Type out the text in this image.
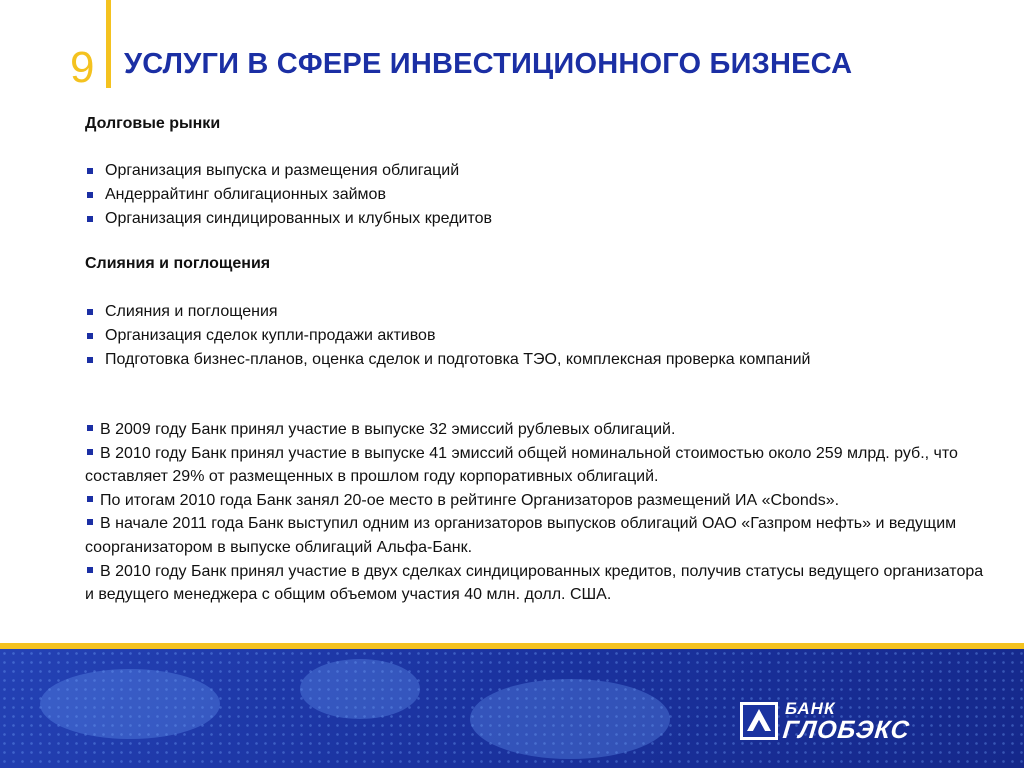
9 УСЛУГИ В СФЕРЕ ИНВЕСТИЦИОННОГО БИЗНЕСА

Долговые рынки

Организация выпуска и размещения облигаций
Андеррайтинг облигационных займов
Организация синдицированных и клубных кредитов

Слияния и поглощения

Слияния и поглощения
Организация сделок купли-продажи активов
Подготовка бизнес-планов, оценка сделок и подготовка ТЭО, комплексная проверка компаний
В 2009 году Банк принял участие в выпуске 32 эмиссий рублевых облигаций.
В 2010 году Банк принял участие в выпуске 41 эмиссий общей номинальной стоимостью около 259 млрд. руб., что составляет 29% от размещенных в прошлом году корпоративных облигаций.
По итогам 2010 года Банк занял 20-ое место в рейтинге Организаторов размещений ИА «Cbonds».
В начале 2011 года Банк выступил одним из организаторов выпусков облигаций ОАО «Газпром нефть» и ведущим соорганизатором в выпуске облигаций Альфа-Банк.
В 2010 году Банк принял участие в двух сделках синдицированных кредитов, получив статусы ведущего организатора и ведущего менеджера с общим объемом участия 40 млн. долл. США.
БАНК
ГЛОБЭКС
